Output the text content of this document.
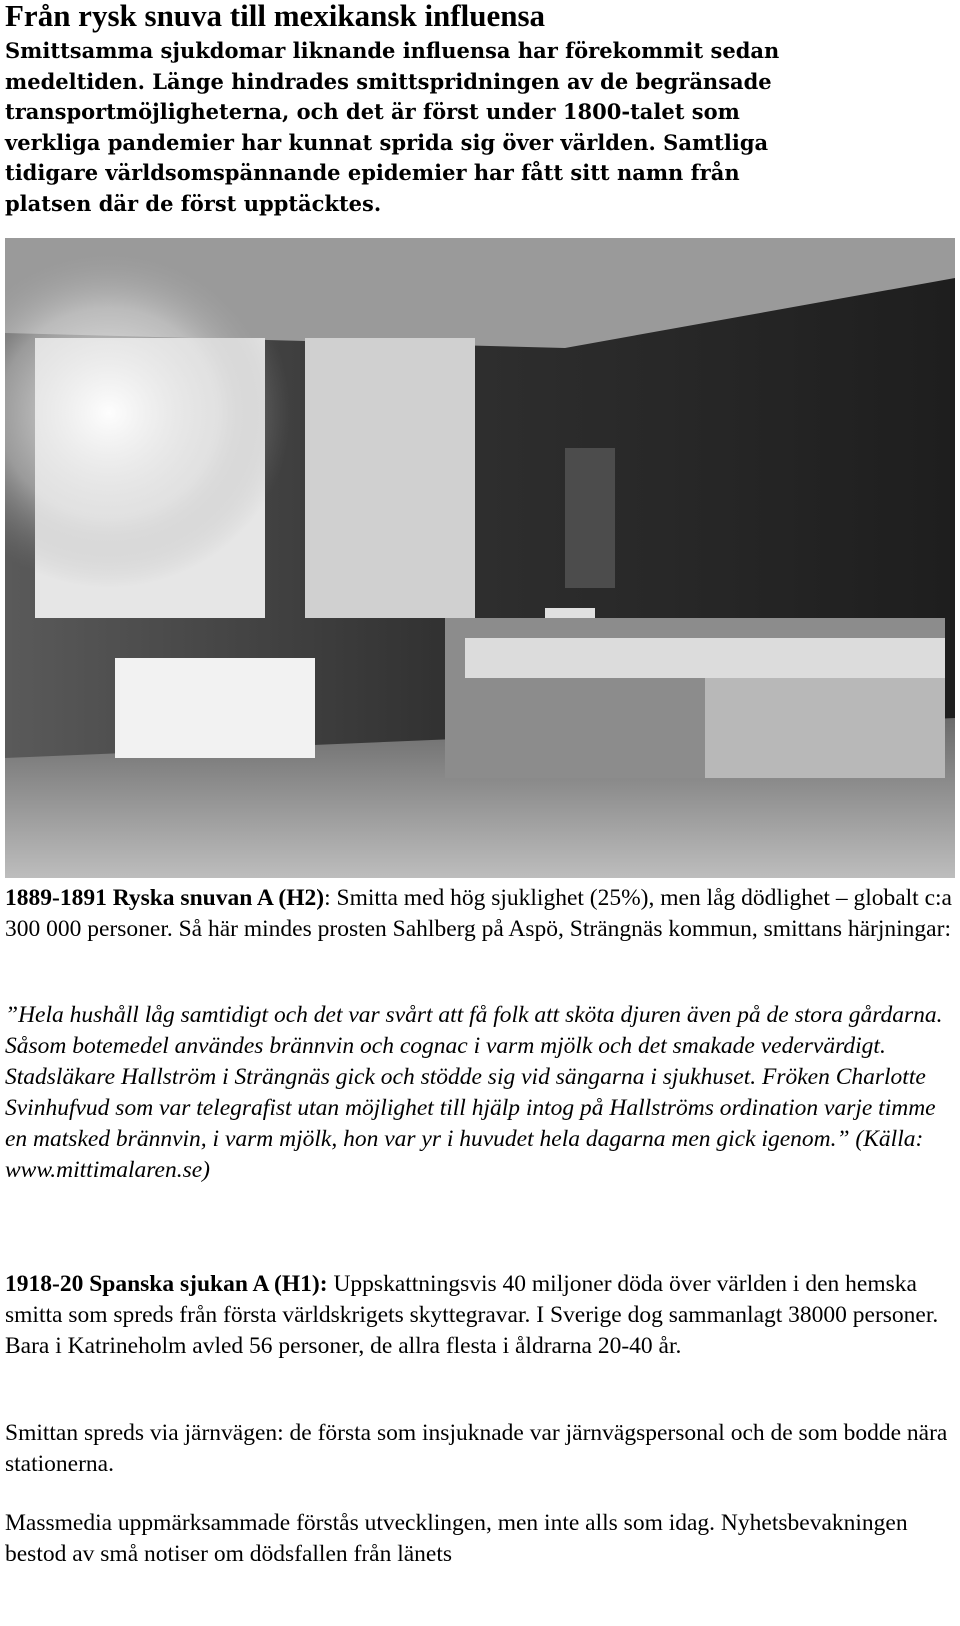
Från rysk snuva till mexikansk influensa

Smittsamma sjukdomar liknande influensa har förekommit sedan medeltiden. Länge hindrades smittspridningen av de begränsade transportmöjligheterna, och det är först under 1800-talet som verkliga pandemier har kunnat sprida sig över världen. Samtliga tidigare världsomspännande epidemier har fått sitt namn från platsen där de först upptäcktes.

1889-1891 Ryska snuvan A (H2): Smitta med hög sjuklighet (25%), men låg dödlighet – globalt c:a 300 000 personer. Så här mindes prosten Sahlberg på Aspö, Strängnäs kommun, smittans härjningar:

”Hela hushåll låg samtidigt och det var svårt att få folk att sköta djuren även på de stora gårdarna. Såsom botemedel användes brännvin och cognac i varm mjölk och det smakade vedervärdigt. Stadsläkare Hallström i Strängnäs gick och stödde sig vid sängarna i sjukhuset. Fröken Charlotte Svinhufvud som var telegrafist utan möjlighet till hjälp intog på Hallströms ordination varje timme en matsked brännvin, i varm mjölk, hon var yr i huvudet hela dagarna men gick igenom.” (Källa: www.mittimalaren.se)

1918-20 Spanska sjukan A (H1): Uppskattningsvis 40 miljoner döda över världen i den hemska smitta som spreds från första världskrigets skyttegravar. I Sverige dog sammanlagt 38000 personer. Bara i Katrineholm avled 56 personer, de allra flesta i åldrarna 20-40 år.

Smittan spreds via järnvägen: de första som insjuknade var järnvägspersonal och de som bodde nära stationerna.

Massmedia uppmärksammade förstås utvecklingen, men inte alls som idag. Nyhetsbevakningen bestod av små notiser om dödsfallen från länets
